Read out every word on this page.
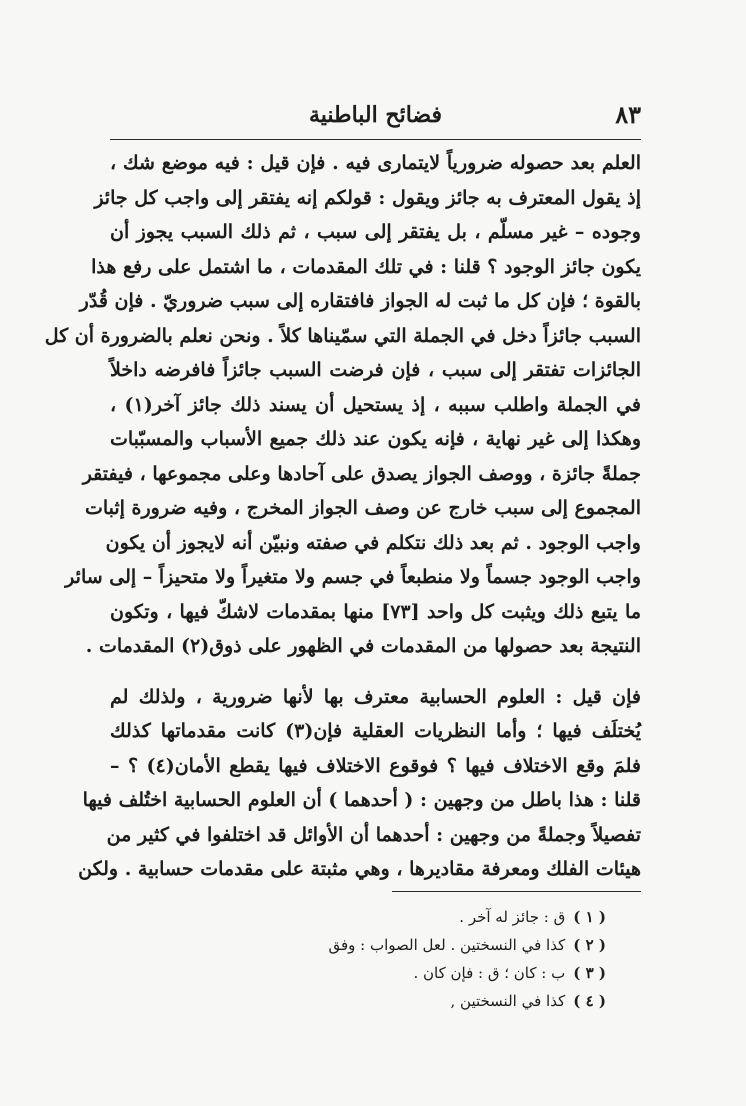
٨٣
فضائح الباطنية
العلم بعد حصوله ضرورياً لايتمارى فيه . فإن قيل : فيه موضع شك ،
إذ يقول المعترف به جائز ويقول : قولكم إنه يفتقر إلى واجب كل جائز
وجوده – غير مسلّم ، بل يفتقر إلى سبب ، ثم ذلك السبب يجوز أن
يكون جائز الوجود ؟ قلنا : في تلك المقدمات ، ما اشتمل على رفع هذا
بالقوة ؛ فإن كل ما ثبت له الجواز فافتقاره إلى سبب ضروريّ . فإن قُدّر
السبب جائزاً دخل في الجملة التي سمّيناها كلاً . ونحن نعلم بالضرورة أن كل
الجائزات تفتقر إلى سبب ، فإن فرضت السبب جائزاً فافرضه داخلاً
في الجملة واطلب سببه ، إذ يستحيل أن يسند ذلك جائز آخر(١) ،
وهكذا إلى غير نهاية ، فإنه يكون عند ذلك جميع الأسباب والمسبّبات
جملةً جائزة ، ووصف الجواز يصدق على آحادها وعلى مجموعها ، فيفتقر
المجموع إلى سبب خارج عن وصف الجواز المخرج ، وفيه ضرورة إثبات
واجب الوجود . ثم بعد ذلك نتكلم في صفته ونبيّن أنه لايجوز أن يكون
واجب الوجود جسماً ولا منطبعاً في جسم ولا متغيراً ولا متحيزاً – إلى سائر
ما يتبع ذلك ويثبت كل واحد [٧٣] منها بمقدمات لاشكّ فيها ، وتكون
النتيجة بعد حصولها من المقدمات في الظهور على ذوق(٢) المقدمات .
فإن قيل : العلوم الحسابية معترف بها لأنها ضرورية ، ولذلك لم
يُختلَف فيها ؛ وأما النظريات العقلية فإن(٣) كانت مقدماتها كذلك
فلمَ وقع الاختلاف فيها ؟ فوقوع الاختلاف فيها يقطع الأمان(٤) ؟ –
قلنا : هذا باطل من وجهين : ( أحدهما ) أن العلوم الحسابية اختُلف فيها
تفصيلاً وجملةً من وجهين : أحدهما أن الأوائل قد اختلفوا في كثير من
هيئات الفلك ومعرفة مقاديرها ، وهي مثبتة على مقدمات حسابية . ولكن
( ١ ) ق : جائز له آخر .
( ٢ ) كذا في النسختين . لعل الصواب : وفق
( ٣ ) ب : كان ؛ ق : فإن كان .
( ٤ ) كذا في النسختين ,
